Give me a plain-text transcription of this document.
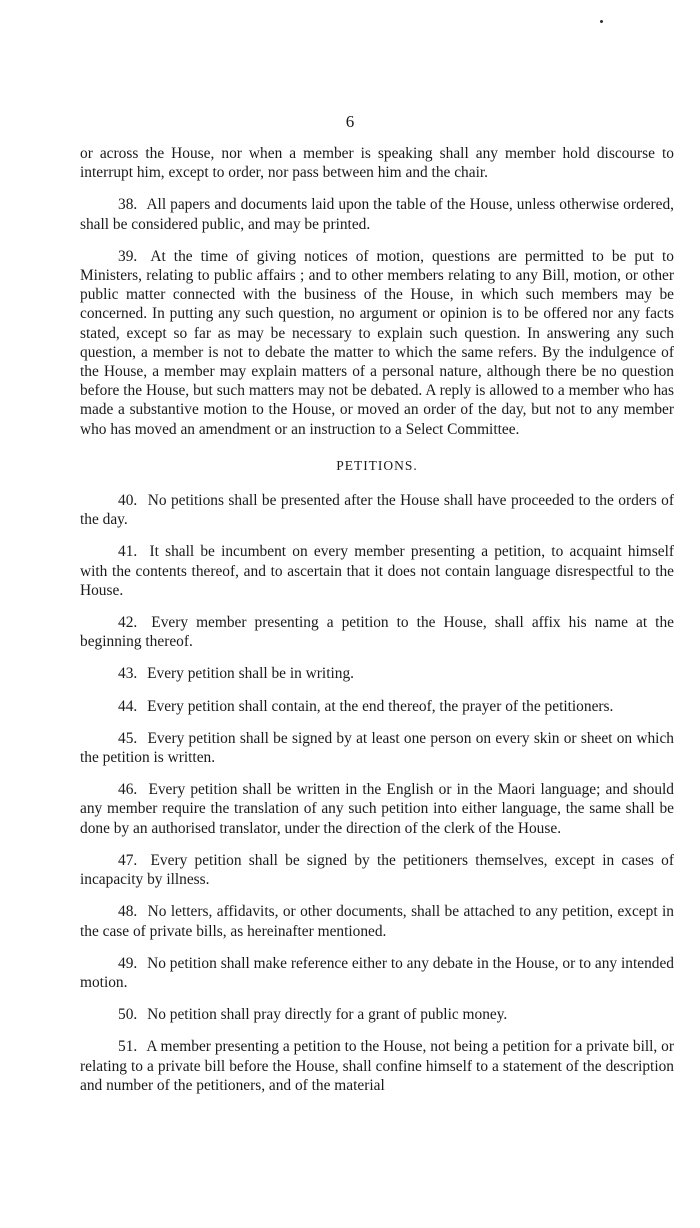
6

or across the House, nor when a member is speaking shall any member hold discourse to interrupt him, except to order, nor pass between him and the chair.

38. All papers and documents laid upon the table of the House, unless otherwise ordered, shall be considered public, and may be printed.

39. At the time of giving notices of motion, questions are permitted to be put to Ministers, relating to public affairs ; and to other members relating to any Bill, motion, or other public matter connected with the business of the House, in which such members may be concerned. In putting any such question, no argument or opinion is to be offered nor any facts stated, except so far as may be necessary to explain such question. In answering any such question, a member is not to debate the matter to which the same refers. By the indulgence of the House, a member may explain matters of a personal nature, although there be no question before the House, but such matters may not be debated. A reply is allowed to a member who has made a substantive motion to the House, or moved an order of the day, but not to any member who has moved an amendment or an instruction to a Select Committee.

PETITIONS.

40. No petitions shall be presented after the House shall have proceeded to the orders of the day.

41. It shall be incumbent on every member presenting a petition, to acquaint himself with the contents thereof, and to ascertain that it does not contain language disrespectful to the House.

42. Every member presenting a petition to the House, shall affix his name at the beginning thereof.

43. Every petition shall be in writing.

44. Every petition shall contain, at the end thereof, the prayer of the petitioners.

45. Every petition shall be signed by at least one person on every skin or sheet on which the petition is written.

46. Every petition shall be written in the English or in the Maori language; and should any member require the translation of any such petition into either language, the same shall be done by an authorised translator, under the direction of the clerk of the House.

47. Every petition shall be signed by the petitioners themselves, except in cases of incapacity by illness.

48. No letters, affidavits, or other documents, shall be attached to any petition, except in the case of private bills, as hereinafter mentioned.

49. No petition shall make reference either to any debate in the House, or to any intended motion.

50. No petition shall pray directly for a grant of public money.

51. A member presenting a petition to the House, not being a petition for a private bill, or relating to a private bill before the House, shall confine himself to a statement of the description and number of the petitioners, and of the material
